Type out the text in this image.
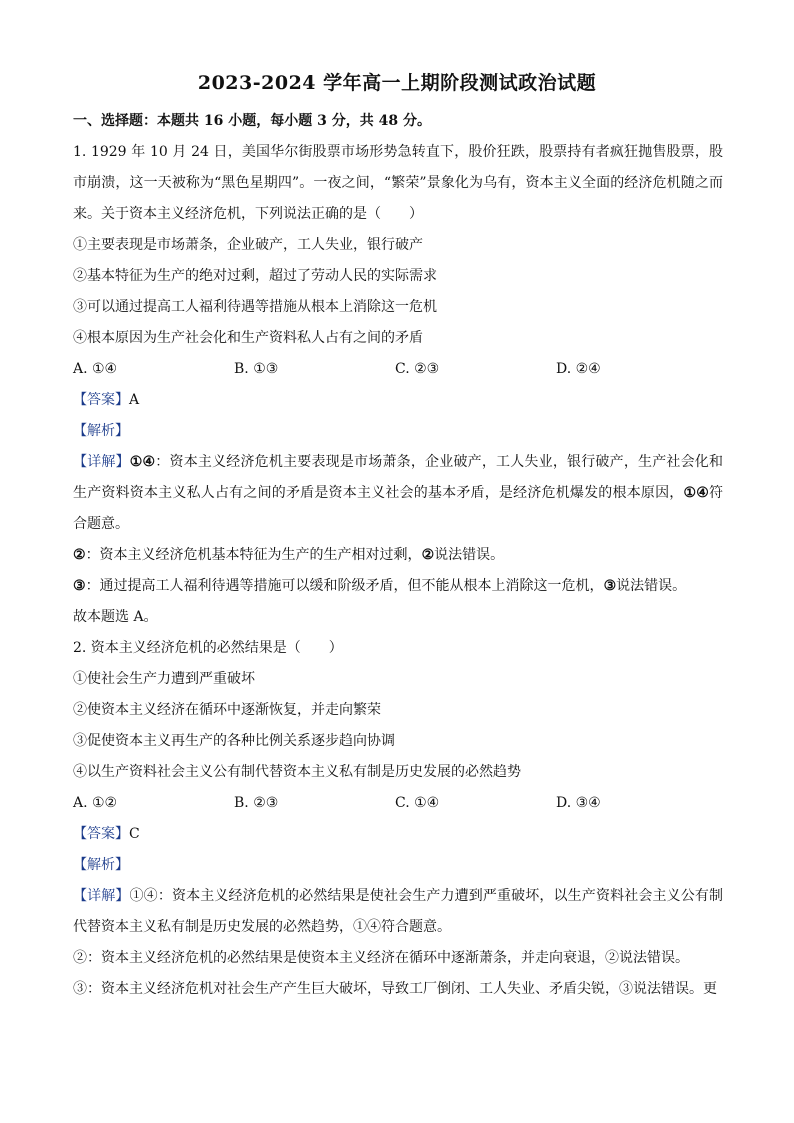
2023-2024 学年高一上期阶段测试政治试题
一、选择题：本题共 16 小题，每小题 3 分，共 48 分。
1. 1929 年 10 月 24 日，美国华尔街股票市场形势急转直下，股价狂跌，股票持有者疯狂抛售股票，股市崩溃，这一天被称为“黑色星期四”。一夜之间，“繁荣”景象化为乌有，资本主义全面的经济危机随之而来。关于资本主义经济危机，下列说法正确的是（　　）
①主要表现是市场萧条，企业破产，工人失业，银行破产
②基本特征为生产的绝对过剩，超过了劳动人民的实际需求
③可以通过提高工人福利待遇等措施从根本上消除这一危机
④根本原因为生产社会化和生产资料私人占有之间的矛盾
A. ①④	B. ①③	C. ②③	D. ②④
【答案】A
【解析】
【详解】①④：资本主义经济危机主要表现是市场萧条，企业破产，工人失业，银行破产，生产社会化和生产资料资本主义私人占有之间的矛盾是资本主义社会的基本矛盾，是经济危机爆发的根本原因，①④符合题意。
②：资本主义经济危机基本特征为生产的生产相对过剩，②说法错误。
③：通过提高工人福利待遇等措施可以缓和阶级矛盾，但不能从根本上消除这一危机，③说法错误。
故本题选 A。
2. 资本主义经济危机的必然结果是（　　）
①使社会生产力遭到严重破坏
②使资本主义经济在循环中逐渐恢复，并走向繁荣
③促使资本主义再生产的各种比例关系逐步趋向协调
④以生产资料社会主义公有制代替资本主义私有制是历史发展的必然趋势
A. ①②	B. ②③	C. ①④	D. ③④
【答案】C
【解析】
【详解】①④：资本主义经济危机的必然结果是使社会生产力遭到严重破坏，以生产资料社会主义公有制代替资本主义私有制是历史发展的必然趋势，①④符合题意。
②：资本主义经济危机的必然结果是使资本主义经济在循环中逐渐萧条，并走向衰退，②说法错误。
③：资本主义经济危机对社会生产产生巨大破坏，导致工厂倒闭、工人失业、矛盾尖锐，③说法错误。更
